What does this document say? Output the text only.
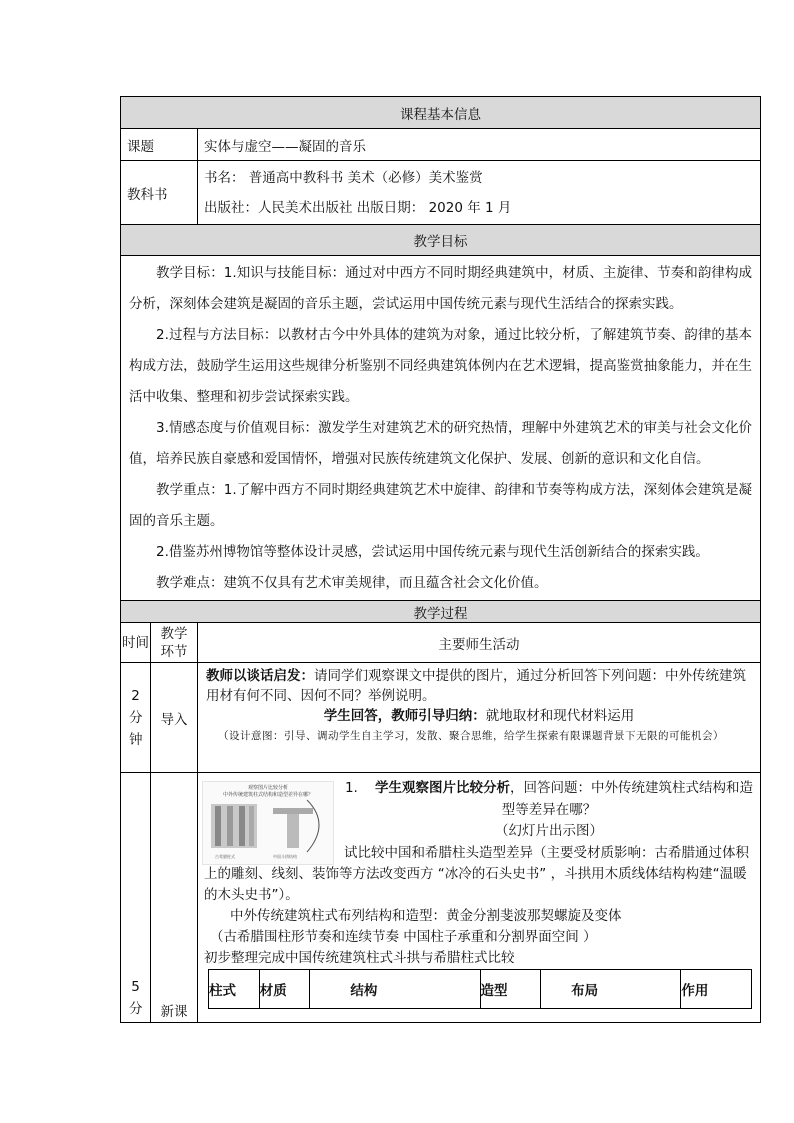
课程基本信息
课题	实体与虚空——凝固的音乐
教科书	
书名： 普通高中教科书 美术（必修）美术鉴赏
出版社：人民美术出版社 出版日期： 2020 年 1 月

教学目标

教学目标：1.知识与技能目标：通过对中西方不同时期经典建筑中，材质、主旋律、节奏和韵律构成分析，深刻体会建筑是凝固的音乐主题，尝试运用中国传统元素与现代生活结合的探索实践。

2.过程与方法目标：以教材古今中外具体的建筑为对象，通过比较分析，了解建筑节奏、韵律的基本构成方法，鼓励学生运用这些规律分析鉴别不同经典建筑体例内在艺术逻辑，提高鉴赏抽象能力，并在生活中收集、整理和初步尝试探索实践。

3.情感态度与价值观目标：激发学生对建筑艺术的研究热情，理解中外建筑艺术的审美与社会文化价值，培养民族自豪感和爱国情怀，增强对民族传统建筑文化保护、发展、创新的意识和文化自信。

教学重点：1.了解中西方不同时期经典建筑艺术中旋律、韵律和节奏等构成方法，深刻体会建筑是凝固的音乐主题。

2.借鉴苏州博物馆等整体设计灵感，尝试运用中国传统元素与现代生活创新结合的探索实践。

教学难点：建筑不仅具有艺术审美规律，而且蕴含社会文化价值。

教学过程
时间	教学环节	主要师生活动
2分钟	导入	
教师以谈话启发：请同学们观察课文中提供的图片，通过分析回答下列问题：中外传统建筑用材有何不同、因何不同？举例说明。
学生回答，教师引导归纳：就地取材和现代材料运用
（设计意图：引导、调动学生自主学习，发散、聚合思维，给学生探索有限课题背景下无限的可能机会）

5分	新课	
观察图片比较分析
中外传统建筑柱式结构和造型差异在哪？
古希腊柱式	中国斗拱结构
1. 学生观察图片比较分析，回答问题：中外传统建筑柱式结构和造型等差异在哪？
（幻灯片出示图）
试比较中国和希腊柱头造型差异（主要受材质影响：古希腊通过体积上的雕刻、线刻、装饰等方法改变西方 “冰冷的石头史书” ，斗拱用木质线体结构构建“温暖的木头史书”）。
中外传统建筑柱式布列结构和造型：黄金分割斐波那契螺旋及变体
（古希腊围柱形节奏和连续节奏 中国柱子承重和分割界面空间 ）
初步整理完成中国传统建筑柱式斗拱与希腊柱式比较
柱式	材质	结构	造型	布局	作用
